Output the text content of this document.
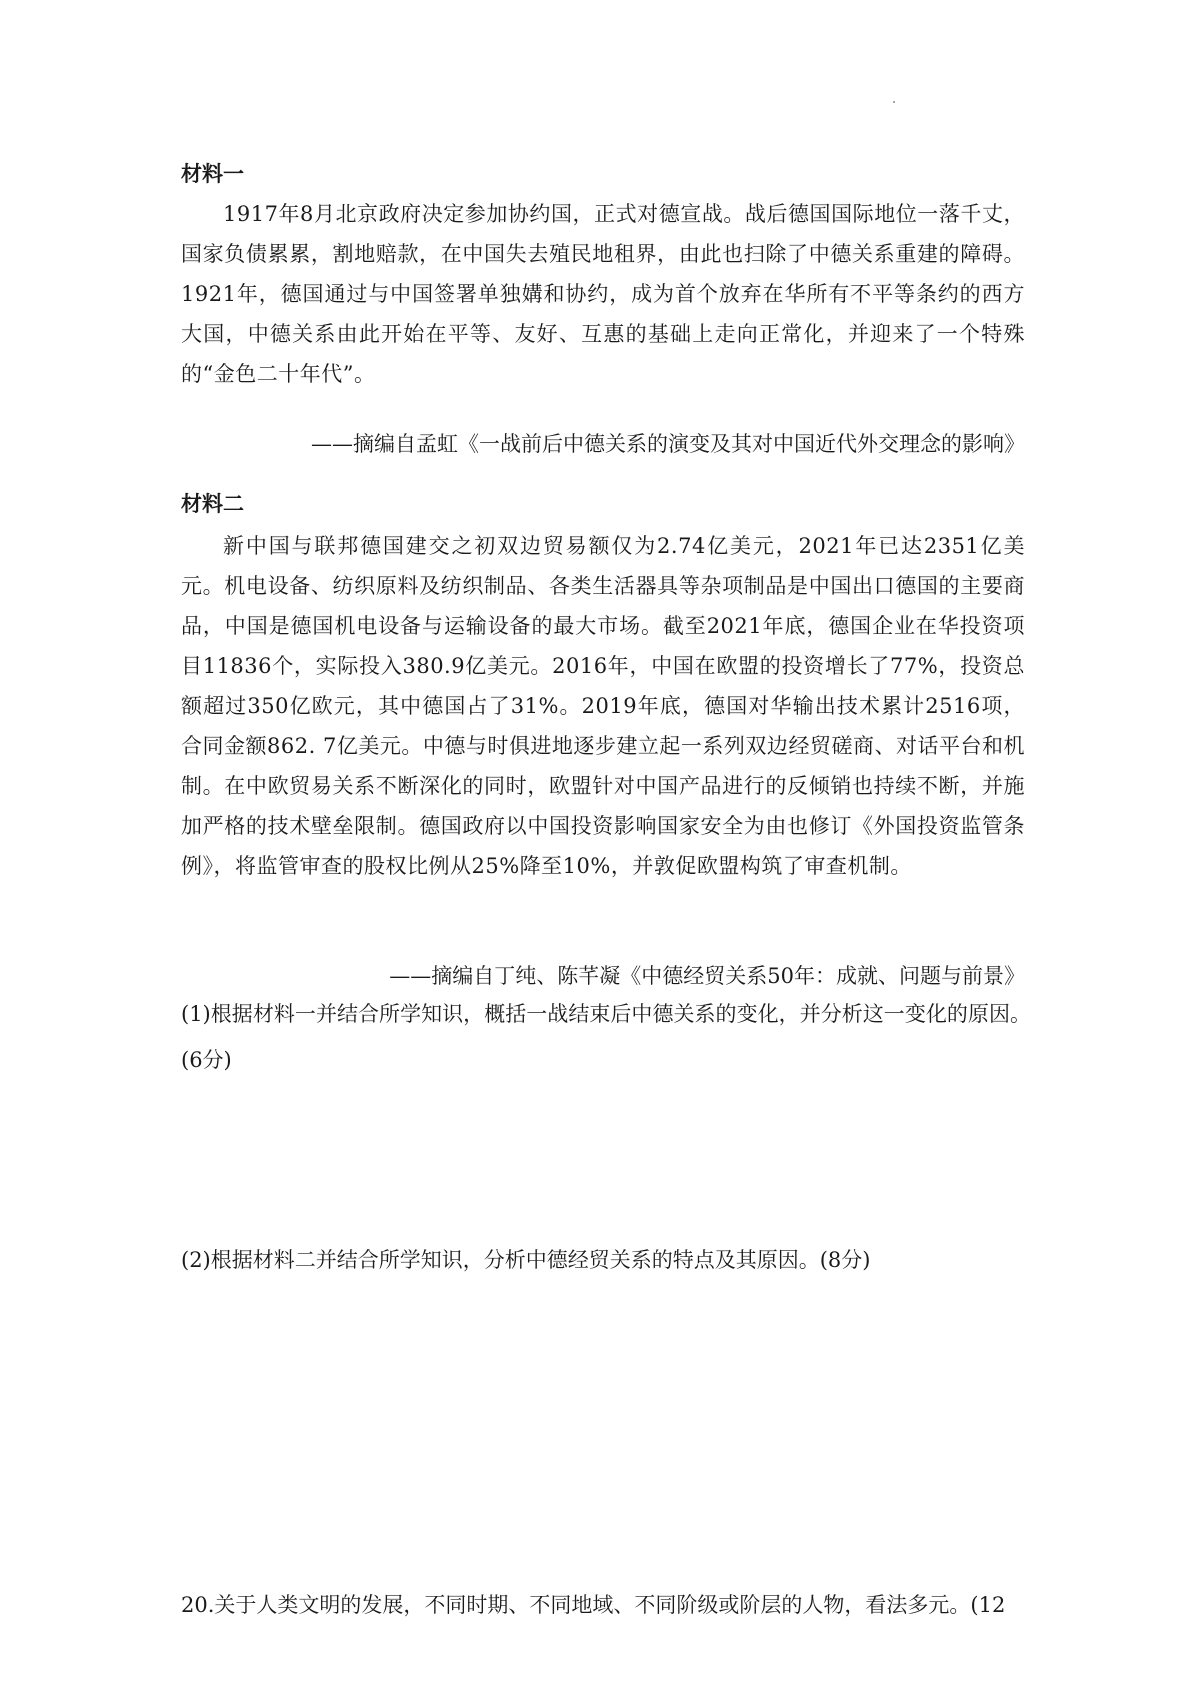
材料一

1917年8月北京政府决定参加协约国，正式对德宣战。战后德国国际地位一落千丈，国家负债累累，割地赔款，在中国失去殖民地租界，由此也扫除了中德关系重建的障碍。1921年，德国通过与中国签署单独媾和协约，成为首个放弃在华所有不平等条约的西方大国，中德关系由此开始在平等、友好、互惠的基础上走向正常化，并迎来了一个特殊的“金色二十年代”。

——摘编自孟虹《一战前后中德关系的演变及其对中国近代外交理念的影响》

材料二

新中国与联邦德国建交之初双边贸易额仅为2.74亿美元，2021年已达2351亿美元。机电设备、纺织原料及纺织制品、各类生活器具等杂项制品是中国出口德国的主要商品，中国是德国机电设备与运输设备的最大市场。截至2021年底，德国企业在华投资项目11836个，实际投入380.9亿美元。2016年，中国在欧盟的投资增长了77%，投资总额超过350亿欧元，其中德国占了31%。2019年底，德国对华输出技术累计2516项，合同金额862. 7亿美元。中德与时俱进地逐步建立起一系列双边经贸磋商、对话平台和机制。在中欧贸易关系不断深化的同时，欧盟针对中国产品进行的反倾销也持续不断，并施加严格的技术壁垒限制。德国政府以中国投资影响国家安全为由也修订《外国投资监管条例》，将监管审查的股权比例从25%降至10%，并敦促欧盟构筑了审查机制。

——摘编自丁纯、陈芊凝《中德经贸关系50年：成就、问题与前景》

(1)根据材料一并结合所学知识，概括一战结束后中德关系的变化，并分析这一变化的原因。(6分)

(2)根据材料二并结合所学知识，分析中德经贸关系的特点及其原因。(8分)

20.关于人类文明的发展，不同时期、不同地域、不同阶级或阶层的人物，看法多元。(12
